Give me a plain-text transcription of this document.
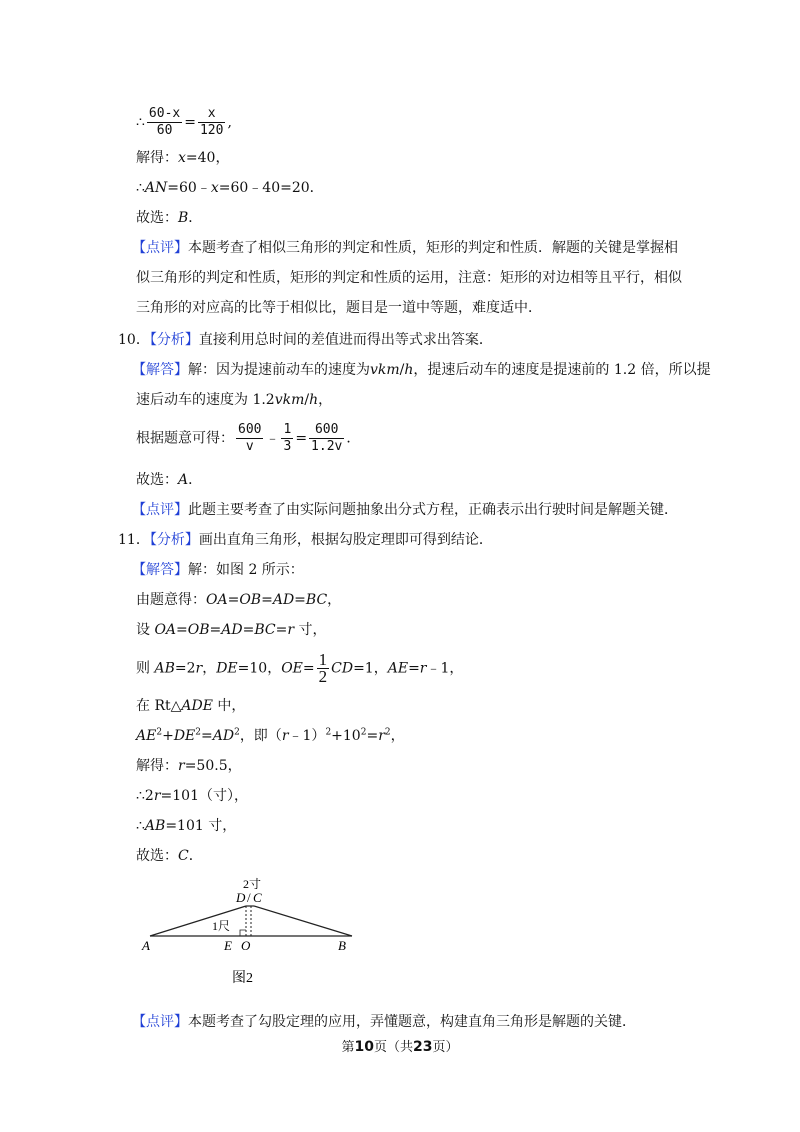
∴ $\frac{60-x}{60} = \frac{x}{120}$ ,
解得：x=40，
∴AN=60﹣x=60﹣40=20．
故选：B．
【点评】本题考查了相似三角形的判定和性质，矩形的判定和性质．解题的关键是掌握相
似三角形的判定和性质，矩形的判定和性质的运用，注意：矩形的对边相等且平行，相似
三角形的对应高的比等于相似比，题目是一道中等题，难度适中．
10．【分析】直接利用总时间的差值进而得出等式求出答案．
【解答】解：因为提速前动车的速度为vkm/h，提速后动车的速度是提速前的 1.2 倍，所以提
速后动车的速度为 1.2vkm/h，
根据题意可得： $\frac{600}{v}$ ﹣ $\frac{1}{3} = \frac{600}{1.2v}$ ．
故选：A．
【点评】此题主要考查了由实际问题抽象出分式方程，正确表示出行驶时间是解题关键．
11．【分析】画出直角三角形，根据勾股定理即可得到结论．
【解答】解：如图 2 所示：
由题意得：OA=OB=AD=BC，
设 OA=OB=AD=BC=r 寸，
则 AB=2r，DE=10，$OE= \frac{1}{2} CD=1$，AE=r﹣1，
在 Rt△ADE 中，
$AE^2+DE^2=AD^2$，即$(r﹣1)^2+10^2=r^2$，
解得：r=50.5，
∴2r=101（寸），
∴AB=101 寸，
故选：C．
2寸
D / C
1尺
A	E O	B
图2
【点评】本题考查了勾股定理的应用，弄懂题意，构建直角三角形是解题的关键．
第10页（共23页）
